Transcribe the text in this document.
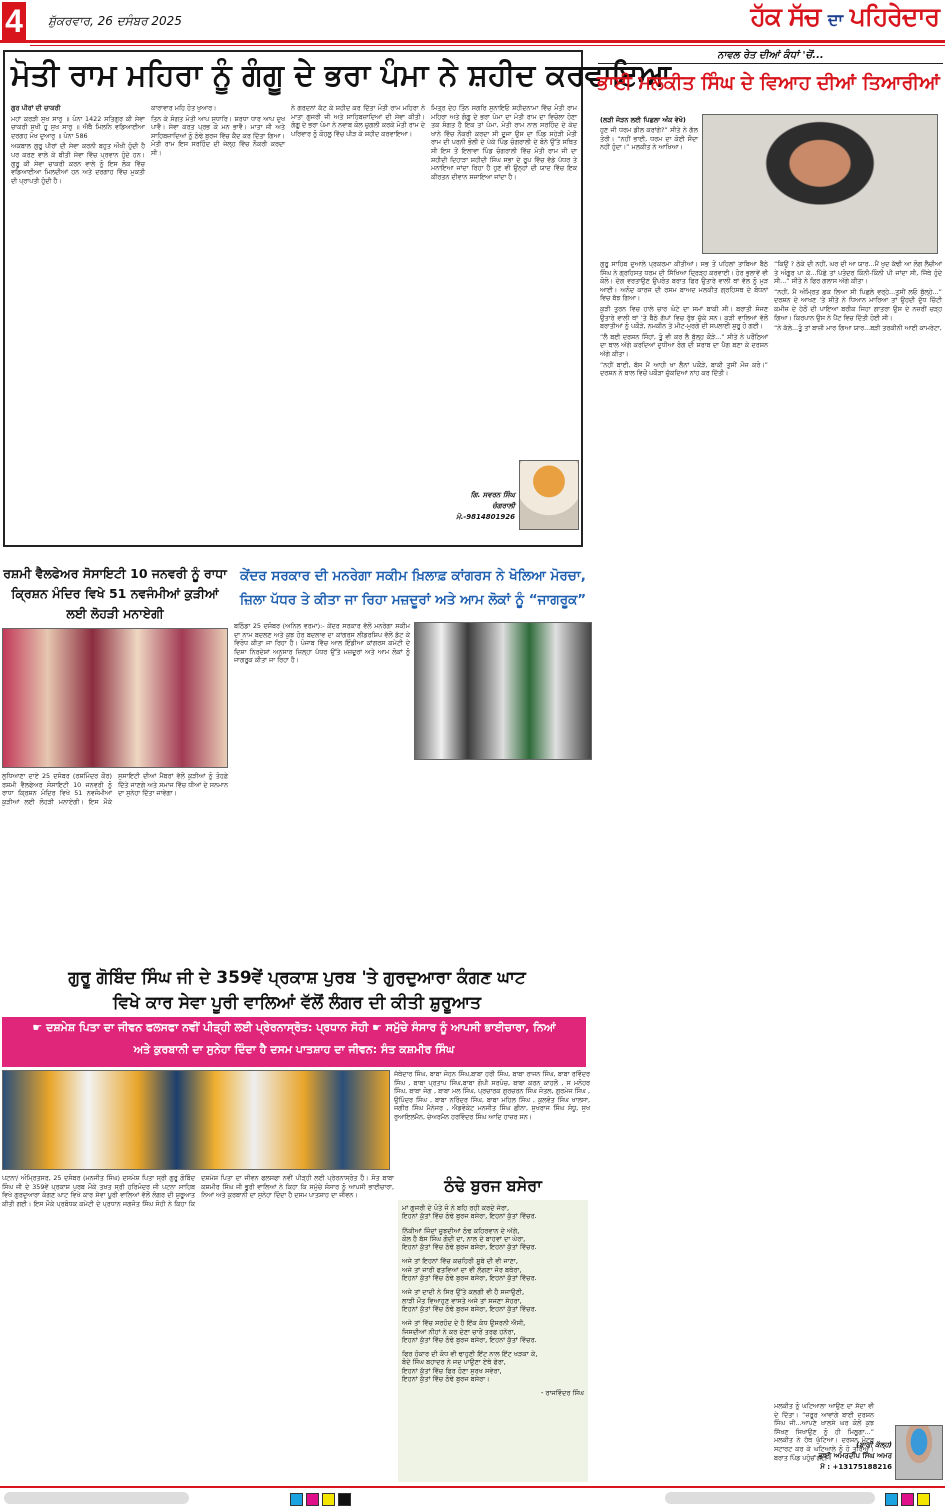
4 ਸ਼ੁੱਕਰਵਾਰ, 26 ਦਸੰਬਰ 2025	ਹੱਕ ਸੱਚ ਦਾ ਪਹਿਰੇਦਾਰ
ਮੋਤੀ ਰਾਮ ਮਹਿਰਾ ਨੂੰ ਗੰਗੂ ਦੇ ਭਰਾ ਪੰਮਾ ਨੇ ਸ਼ਹੀਦ ਕਰਵਾਇਆ

ਗੁਰ ਪੀਰਾਂ ਦੀ ਚਾਕਰੀ

ਮਹਾਂ ਕਰੜੀ ਸੁਖ ਸਾਰੁ ॥ ਪੰਨਾ 1422 ਸਤਿਗੁਰ ਕੀ ਸੇਵਾ ਚਾਕਰੀ ਸੁਖੀ ਹੂ ਸੁਖ ਸਾਰੁ ॥ ਐਥੈ ਮਿਲਨਿ ਵਡਿਆਈਆ ਦਰਗਹ ਮੋਖ ਦੁਆਰੁ ॥ ਪੰਨਾ 586

ਅਕਬਾਲ ਗੁਰੂ ਪੀਰਾਂ ਦੀ ਸੇਵਾ ਕਰਨੀ ਬਹੁਤ ਔਖੀ ਹੁੰਦੀ ਹੈ ਪਰ ਕਰਣ ਵਾਲੇ ਕੇ ਬੀਤੀ ਸੇਵਾ ਵਿੱਚ ਪ੍ਰਵਾਨ ਹੁੰਦੇ ਹਨ। ਗੁਰੂ ਕੀ ਸੇਵਾ ਚਾਕਰੀ ਕਰਨ ਵਾਲੇ ਨੂੰ ਇਸ ਲੋਕ ਵਿੱਚ ਵਡਿਆਈਆ ਮਿਲਦੀਆਂ ਹਨ ਅਤੇ ਦਰਗਾਹ ਵਿੱਚ ਮੁਕਤੀ ਦੀ ਪ੍ਰਾਪਤੀ ਹੁੰਦੀ ਹੈ।

ਕਾਰਾਵਾਰ ਮਹਿ ਹੋਤ ਖੁਆਰ।

ਤਿਨ ਕੇ ਸੰਗਤ ਮੋਤੀ ਆਪ ਸੁਧਾਰਿ। ਸ਼ਰਧਾ ਧਾਰ ਆਪ ਦੁਖ ਪਾਵੈ। ਸੇਵਾ ਕਰਤ ਪ੍ਰਭ ਕੋ ਮਨ ਭਾਵੈ। ਮਾਤਾ ਜੀ ਅਤੇ ਸਾਹਿਬਜ਼ਾਦਿਆਂ ਨੂੰ ਠੰਢੇ ਬੁਰਜ ਵਿੱਚ ਕੈਦ ਕਰ ਦਿੱਤਾ ਗਿਆ। ਮੋਤੀ ਰਾਮ ਇਸ ਸਰਹਿੰਦ ਦੀ ਜੇਲ੍ਹ ਵਿੱਚ ਨੌਕਰੀ ਕਰਦਾ ਸੀ।

ਨੇ ਗਰਦਨਾਂ ਕੱਟ ਕੇ ਸ਼ਹੀਦ ਕਰ ਦਿੱਤਾ ਮੋਤੀ ਰਾਮ ਮਹਿਰਾ ਨੇ ਮਾਤਾ ਗੁਜਰੀ ਜੀ ਅਤੇ ਸਾਹਿਬਜ਼ਾਦਿਆਂ ਦੀ ਸੇਵਾ ਕੀਤੀ। ਗੰਗੂ ਦੇ ਭਰਾ ਪੰਮਾ ਨੇ ਨਵਾਬ ਕੋਲ ਚੁਗਲੀ ਕਰਕੇ ਮੋਤੀ ਰਾਮ ਦੇ ਪਰਿਵਾਰ ਨੂੰ ਕੋਹਲੂ ਵਿੱਚ ਪੀੜ ਕੇ ਸ਼ਹੀਦ ਕਰਵਾਇਆ।

ਮਿਤ੍ਰ ਦੇਹ ਤਿੰਨ ਸਗਰਿ ਸੁਨਾਇਓ ਸ਼ਹੀਦਨਾਮਾ ਵਿੱਚ ਮੋਤੀ ਰਾਮ ਮਹਿਰਾ ਅਤੇ ਗੰਗੂ ਦੇ ਭਰਾ ਪੰਮਾ ਦਾ ਮੋਤੀ ਰਾਮ ਦਾ ਵਿਚੋਲਾ ਹੋਣਾ ਤਕ ਸੰਗਤ ਹੈ ਇਕ ਤਾਂ ਪੰਮਾ, ਮੋਤੀ ਰਾਮ ਨਾਲ ਸਰਹਿੰਦ ਦੇ ਕੇਦ ਖਾਨੇ ਵਿੱਚ ਨੌਕਰੀ ਕਰਦਾ ਸੀ ਦੂਜਾ ਉਸ ਦਾ ਪਿੰਡ ਸਹੇੜੀ ਮੋਤੀ ਰਾਮ ਦੀ ਪਰਨੀ ਭੋਲੀ ਦੇ ਪੇਕੇ ਪਿੰਡ ਚੰਗਰਾਲੀ ਦੇ ਬੰਨੇ ਉੱਤੇ ਸਥਿਤ ਸੀ ਇਸ ਤੋਂ ਇਲਾਵਾ ਪਿੰਡ ਚੰਗਰਾਲੀ ਵਿੱਚ ਮੋਤੀ ਰਾਮ ਜੀ ਦਾ ਸ਼ਹੀਦੀ ਦਿਹਾੜਾ ਸ਼ਹੀਦੀ ਸਿੰਘ ਸਭਾ ਦੇ ਰੂਪ ਵਿੱਚ ਵੱਡੇ ਪੱਧਰ ਤੇ ਮਨਾਇਆ ਜਾਂਦਾ ਰਿਹਾ ਹੈ ਹੁਣ ਵੀ ਉਨ੍ਹਾਂ ਦੀ ਯਾਦ ਵਿੱਚ ਇਕ ਕੀਰਤਨ ਦੀਵਾਨ ਸਜਾਇਆ ਜਾਂਦਾ ਹੈ।

ਗਿ. ਸਵਰਨ ਸਿੰਘ
ਚੰਗਰਾਲੀ
ਮੋ.-9814801926
ਨਾਵਲ ਰੇਤ ਦੀਆਂ ਕੰਧਾਂ 'ਚੋਂ...
ਭਾਈ ਮਲਕੀਤ ਸਿੰਘ ਦੇ ਵਿਆਹ ਦੀਆਂ ਤਿਆਰੀਆਂ
(ਲੜੀ ਜੋੜਨ ਲਈ ਪਿਛਲਾ ਅੰਕ ਵੇਖੋ)

ਹੁਣ ਜੀ ਧਰਮ ਡੀਲ ਕਰਾਂਗੇ?” ਸੀਤੇ ਨੇ ਗੱਲ ਤੋਰੀ। “ਨਹੀਂ ਭਾਈ, ਧਰਮ ਦਾ ਕੋਈ ਸੌਦਾ ਨਹੀਂ ਹੁੰਦਾ।” ਮਲਕੀਤ ਨੇ ਆਖਿਆ।

ਗੁਰੂ ਸਾਹਿਬ ਦੁਆਲੇ ਪ੍ਰਕਰਮਾ ਕੀਤੀਆਂ। ਸਭ ਤੋਂ ਪਹਿਲਾਂ ਤਾਬਿਆ ਬੈਠੇ ਸਿੰਘ ਨੇ ਗ੍ਰਹਿਸਤ ਧਰਮ ਦੀ ਸਿੱਖਿਆ ਦ੍ਰਿੜ੍ਹ ਕਰਵਾਈ। ਹੋਰ ਭੁਲਾਵੇਂ ਵੀ ਕੋਲੋ। ਦੇਗ ਵਰਤਾਉਣ ਉਪਰੰਤ ਬਰਾਤ ਫਿਰ ਉਤਾਰੇ ਵਾਲੀ ਥਾਂ ਵੱਲ ਨੂੰ ਮੁੜ ਆਈ। ਅਨੰਦ ਕਾਰਜ ਦੀ ਰਸਮ ਬਾਅਦ ਮਲਕੀਤ ਗ੍ਰਹਿਸਥ ਦੇ ਬੰਧਨਾਂ ਵਿਚ ਬੱਝ ਗਿਆ।

ਕੁੜੀ ਤੁਰਨ ਵਿਚ ਹਾਲੇ ਚਾਰ ਘੰਟੇ ਦਾ ਸਮਾਂ ਬਾਕੀ ਸੀ। ਬਰਾਤੀ ਸੰਜਣ ਉਤਾਰੇ ਵਾਲੀ ਥਾਂ 'ਤੇ ਬੈਠੇ ਗੱਪਾਂ ਵਿਚ ਰੁੱਝ ਚੁੱਕੇ ਸਨ। ਕੁੜੀ ਵਾਲਿਆਂ ਵੱਲੋਂ ਬਰਾਤੀਆਂ ਨੂੰ ਪਕੌੜੇ, ਨਮਕੀਨ ਤੇ ਮੀਟ-ਮੁਰਗੇ ਦੀ ਸਪਲਾਈ ਸ਼ੁਰੂ ਹੋ ਗਈ।

“ਲੈ ਬਈ ਦਰਸ਼ਨ ਸਿੰਹਾਂ, ਤੂੰ ਵੀ ਕਰ ਲੈ ਬੁੱਲ੍ਹ ਕੌੜੇ...” ਸੀਤੇ ਨੇ ਪਰੌਂਠਿਆਂ ਦਾ ਥਾਲ ਅੱਗੇ ਕਰਦਿਆਂ ਦੁਧੀਆ ਰੰਗ ਦੀ ਸ਼ਰਾਬ ਦਾ ਪੈਗ ਬਣਾ ਕੇ ਦਰਸ਼ਨ ਅੱਗੇ ਕੀਤਾ।

“ਨਹੀਂ ਬਾਈ, ਬੱਸ ਮੈਂ ਆਹੀ ਖਾ ਲੈਨਾਂ ਪਕੌੜੇ, ਬਾਕੀ ਤੁਸੀਂ ਮੌਜ ਕਰੋ।” ਦਰਸ਼ਨ ਨੇ ਥਾਲ ਵਿਚੋਂ ਪਕੌੜਾ ਚੁੱਕਦਿਆਂ ਨਾਂਹ ਕਰ ਦਿੱਤੀ।

“ਕਿਉਂ ? ਠੇਕੇ ਦੀ ਨਹੀਂ, ਘਰ ਦੀ ਆ ਯਾਰ...ਮੈਂ ਖੁਦ ਕੱਢੀ ਆ ਲੋਗ ਲੈਚੀਆਂ ਤੇ ਅੰਗੂਰ ਪਾ ਕੇ...ਪਿੱਛੇ ਤਾਂ ਪਤੰਦਰ ਕਿੰਨੀ-ਕਿੰਨੀ ਪੀ ਜਾਂਦਾ ਸੀ, ਜਿੱਥੇ ਹੁੰਦੇ ਸੀ...” ਸੀਤੇ ਨੇ ਫਿਰ ਗਲਾਸ ਅੱਗੇ ਕੀਤਾ।

“ਨਹੀਂ, ਮੈਂ ਅੰਮ੍ਰਿਤ ਛਕ ਲਿਆ ਸੀ ਪਿਛਲੇ ਵਰ੍ਹੇ...ਤੁਸੀਂ ਲਓ ਬੁੱਲ੍ਹੇ...” ਦਰਸ਼ਨ ਦੇ ਆਖਣ 'ਤੇ ਸੀਤੇ ਨੇ ਧਿਆਨ ਮਾਰਿਆ ਤਾਂ ਉਹਦੀ ਦੁੱਧ ਚਿੱਟੀ ਕਮੀਜ਼ ਦੇ ਹੇਠੋਂ ਦੀ ਪਾਇਆ ਬਰੀਕ ਜਿਹਾ ਗਾਤਰਾ ਉਸ ਦੇ ਨਜ਼ਰੀਂ ਚੜ੍ਹ ਗਿਆ। ਕਿਰਪਾਨ ਉਸ ਨੇ ਪੈਂਟ ਵਿਚ ਦਿੱਤੀ ਹੋਈ ਸੀ।

“ਨੇ ਕੱਲੇ...ਤੂੰ ਤਾਂ ਬਾਜ਼ੀ ਮਾਰ ਗਿਆ ਯਾਰ...ਬੜੀ ਤਰਕੀਨੀ ਆਈ ਕਾਮਰੇਟਾ,

ਮਲਕੀਤ ਨੂੰ ਘਟਿਆਲਾ ਆਉਣ ਦਾ ਸੱਦਾ ਵੀ ਦੇ ਦਿੱਤਾ। “ਜ਼ਰੂਰ ਆਵਾਂਗੇ ਬਾਈ ਦਰਸ਼ਨ ਸਿੰਘ ਜੀ...ਆਪਣੇ ਖ਼ਾਲਸੇ ਘਰ ਕੋਲੋਂ ਕੁਝ ਸਿੱਖਣ ਸਿਖਾਉਣ ਨੂੰ ਹੀ ਮਿਲੂਗਾ...” ਮਲਕੀਤ ਨੇ ਹੱਥ ਘੁੱਟਿਆ। ਦਰਸ਼ਨ ਮੋਟਰ ਸਟਾਰਟ ਕਰ ਕੇ ਘਟਿਆਲੇ ਨੂੰ ਹੋ ਤੁਰਿਆ। ਬਰਾਤ ਪਿੰਡ ਪਹੁੰਚ ਗਈ।

(ਬਾਕੀ ਕੱਲ੍ਹ)
- ਭਾਈ ਅਮਰਦੀਪ ਸਿੰਘ ਅਮਰ
ਮੋ : +13175188216
ਰਸ਼ਮੀ ਵੈਲਫੇਅਰ ਸੋਸਾਇਟੀ 10 ਜਨਵਰੀ ਨੂੰ ਰਾਧਾ ਕ੍ਰਿਸ਼ਨ ਮੰਦਿਰ ਵਿਖੇ 51 ਨਵਜੰਮੀਆਂ ਕੁੜੀਆਂ ਲਈ ਲੋਹੜੀ ਮਨਾਏਗੀ
ਲੁਧਿਆਣਾ ਦਾਏ 25 ਦਸੰਬਰ (ਰਸ਼ਮਿੰਦਰ ਕੌਰ) ਰਸ਼ਮੀ ਵੈਲਫੇਅਰ ਸੋਸਾਇਟੀ 10 ਜਨਵਰੀ ਨੂੰ ਰਾਧਾ ਕ੍ਰਿਸ਼ਨ ਮੰਦਿਰ ਵਿਖੇ 51 ਨਵਜੰਮੀਆਂ ਕੁੜੀਆਂ ਲਈ ਲੋਹੜੀ ਮਨਾਏਗੀ। ਇਸ ਮੌਕੇ ਸੁਸਾਇਟੀ ਦੀਆਂ ਮੈਂਬਰਾਂ ਵੱਲੋਂ ਕੁੜੀਆਂ ਨੂੰ ਤੋਹਫ਼ੇ ਦਿੱਤੇ ਜਾਣਗੇ ਅਤੇ ਸਮਾਜ ਵਿੱਚ ਧੀਆਂ ਦੇ ਸਨਮਾਨ ਦਾ ਸੁਨੇਹਾ ਦਿੱਤਾ ਜਾਵੇਗਾ।
ਕੇਂਦਰ ਸਰਕਾਰ ਦੀ ਮਨਰੇਗਾ ਸਕੀਮ ਖ਼ਿਲਾਫ਼ ਕਾਂਗਰਸ ਨੇ ਖੋਲਿਆ ਮੋਰਚਾ, ਜ਼ਿਲਾ ਪੱਧਰ ਤੇ ਕੀਤਾ ਜਾ ਰਿਹਾ ਮਜ਼ਦੂਰਾਂ ਅਤੇ ਆਮ ਲੋਕਾਂ ਨੂੰ “ਜਾਗਰੂਕ”
ਬਠਿੰਡਾ 25 ਦਸੰਬਰ (ਅਨਿਲ ਵਰਮਾ):- ਕੇਂਦਰ ਸਰਕਾਰ ਵੱਲੋਂ ਮਨਰੇਗਾ ਸਕੀਮ ਦਾ ਨਾਮ ਬਦਲਣ ਅਤੇ ਕੁਝ ਹੋਰ ਬਦਲਾਵ ਦਾ ਕਾਂਗਰਸ ਲੀਡਰਸ਼ਿਪ ਵੱਲੋਂ ਡੱਟ ਕੇ ਵਿਰੋਧ ਕੀਤਾ ਜਾ ਰਿਹਾ ਹੈ। ਪੰਜਾਬ ਵਿੱਚ ਆਲ ਇੰਡੀਆ ਕਾਂਗਰਸ ਕਮੇਟੀ ਦੇ ਦਿਸ਼ਾ ਨਿਰਦੇਸ਼ਾਂ ਅਨੁਸਾਰ ਜ਼ਿਲ੍ਹਾ ਪੱਧਰ ਉੱਤੇ ਮਜ਼ਦੂਰਾਂ ਅਤੇ ਆਮ ਲੋਕਾਂ ਨੂੰ ਜਾਗਰੂਕ ਕੀਤਾ ਜਾ ਰਿਹਾ ਹੈ।
ਗੁਰੂ ਗੋਬਿੰਦ ਸਿੰਘ ਜੀ ਦੇ 359ਵੇਂ ਪ੍ਰਕਾਸ਼ ਪੁਰਬ 'ਤੇ ਗੁਰਦੁਆਰਾ ਕੰਗਣ ਘਾਟ
ਵਿਖੇ ਕਾਰ ਸੇਵਾ ਪੂਰੀ ਵਾਲਿਆਂ ਵੱਲੋਂ ਲੰਗਰ ਦੀ ਕੀਤੀ ਸ਼ੁਰੂਆਤ
☛ ਦਸ਼ਮੇਸ਼ ਪਿਤਾ ਦਾ ਜੀਵਨ ਫਲਸਫਾ ਨਵੀਂ ਪੀੜ੍ਹੀ ਲਈ ਪ੍ਰੇਰਨਾਸ੍ਰੋਤ: ਪ੍ਰਧਾਨ ਸੋਹੀ ☛ ਸਮੁੱਚੇ ਸੰਸਾਰ ਨੂੰ ਆਪਸੀ ਭਾਈਚਾਰਾ, ਨਿਆਂ
ਅਤੇ ਕੁਰਬਾਨੀ ਦਾ ਸੁਨੇਹਾ ਦਿੰਦਾ ਹੈ ਦਸਮ ਪਾਤਸ਼ਾਹ ਦਾ ਜੀਵਨ: ਸੰਤ ਕਸ਼ਮੀਰ ਸਿੰਘ
ਜੱਥੇਦਾਰ ਸਿੰਘ, ਬਾਬਾ ਜੋਹਨ ਸਿੰਘ,ਬਾਬਾ ਹਰੀ ਸਿੰਘ, ਬਾਬਾ ਰਾਜਨ ਸਿੰਘ, ਬਾਬਾ ਰਵਿੰਦਰ ਸਿੰਘ , ਬਾਬਾ ਪ੍ਰਤਾਪ ਸਿੰਘ,ਬਾਬਾ ਗੋਪੀ ਸਰਪੰਚ, ਬਾਬਾ ਕਰਨ ਕਾਹਲੋਂ , ਸ ਮਨੋਹਰ ਸਿੰਘ, ਬਾਬਾ ਜੋਗ , ਬਾਬਾ ਮਲ ਸਿੰਘ, ਪ੍ਰਚਾਰਕ ਗੁਰਚਰਨ ਸਿੰਘ ਜੋਤਲ, ਗੁਰਮੇਜ ਸਿੰਘ , ਉਪਿੰਦਰ ਸਿੰਘ , ਬਾਬਾ ਨਰਿੰਦਰ ਸਿੰਘ, ਬਾਬਾ ਮਹਿਲ ਸਿੰਘ , ਕੁਲਵੰਤ ਸਿੰਘ ਖਾਲਸਾ, ਜਗੀਰ ਸਿੰਘ ਮੈਨੇਜਰ , ਐਡਵੋਕੇਟ ਮਨਜੀਤ ਸਿੰਘ ਛੀਨਾ, ਸੁਖਰਾਜ ਸਿੰਘ ਸੰਧੂ, ਸੁਖ ਰੁਆਇਲਮੈਨ, ਚੇਅਰਮੈਨ ਹਰਵਿੰਦਰ ਸਿੰਘ ਆਦਿ ਹਾਜ਼ਰ ਸਨ।
ਪਟਨਾ/ ਅੰਮ੍ਰਿਤਸਰ, 25 ਦਸੰਬਰ (ਮਨਜੀਤ ਸਿੰਘ) ਦਸਮੇਸ਼ ਪਿਤਾ ਸ੍ਰੀ ਗੁਰੂ ਗੋਬਿੰਦ ਸਿੰਘ ਜੀ ਦੇ 359ਵੇਂ ਪ੍ਰਕਾਸ਼ ਪੁਰਬ ਮੌਕੇ ਤਖ਼ਤ ਸ੍ਰੀ ਹਰਿਮੰਦਰ ਜੀ ਪਟਨਾ ਸਾਹਿਬ ਵਿਖੇ ਗੁਰਦੁਆਰਾ ਕੰਗਣ ਘਾਟ ਵਿਖੇ ਕਾਰ ਸੇਵਾ ਪੂਰੀ ਵਾਲਿਆਂ ਵੱਲੋਂ ਲੰਗਰ ਦੀ ਸ਼ੁਰੂਆਤ ਕੀਤੀ ਗਈ। ਇਸ ਮੌਕੇ ਪ੍ਰਬੰਧਕ ਕਮੇਟੀ ਦੇ ਪ੍ਰਧਾਨ ਜਗਜੋਤ ਸਿੰਘ ਸੋਹੀ ਨੇ ਕਿਹਾ ਕਿ ਦਸ਼ਮੇਸ਼ ਪਿਤਾ ਦਾ ਜੀਵਨ ਫਲਸਫਾ ਨਵੀਂ ਪੀੜ੍ਹੀ ਲਈ ਪ੍ਰੇਰਨਾਸ੍ਰੋਤ ਹੈ। ਸੰਤ ਬਾਬਾ ਕਸ਼ਮੀਰ ਸਿੰਘ ਜੀ ਭੂਰੀ ਵਾਲਿਆਂ ਨੇ ਕਿਹਾ ਕਿ ਸਮੁੱਚੇ ਸੰਸਾਰ ਨੂੰ ਆਪਸੀ ਭਾਈਚਾਰਾ, ਨਿਆਂ ਅਤੇ ਕੁਰਬਾਨੀ ਦਾ ਸੁਨੇਹਾ ਦਿੰਦਾ ਹੈ ਦਸਮ ਪਾਤਸ਼ਾਹ ਦਾ ਜੀਵਨ।
ਠੰਢੇ ਬੁਰਜ ਬਸੇਰਾ
ਮਾਂ ਗੁਜਰੀ ਦੇ ਪੋਤੇ ਜੋ ਨੇ ਬਹਿ ਰਹੀ ਕਰਦੇ ਜੇਰਾ,
ਇਹਨਾਂ ਕੁੱਤਾਂ ਵਿੱਚ ਠੰਢੇ ਬੁਰਜ ਬਸੇਰਾ, ਇਹਨਾਂ ਕੁੱਤਾਂ ਵਿੱਚਰ.
ਨਿੱਕੀਆਂ ਜਿੰਦਾਂ ਜੂਝਦੀਆਂ ਠੰਢ ਕਹਿਰਵਾਨ ਦੇ ਅੱਗੇ,
ਕੋਲ ਹੈ ਬੱਸ ਸਿੰਘ ਗੋਦੀ ਦਾ, ਨਾਲ ਦੇ ਬਾਹਵਾਂ ਦਾ ਘੇਰਾ,
ਇਹਨਾਂ ਕੁੱਤਾਂ ਵਿੱਚ ਠੰਢੇ ਬੁਰਜ ਬਸੇਰਾ, ਇਹਨਾਂ ਕੁੱਤਾਂ ਵਿੱਚਰ.
ਅਜੇ ਤਾਂ ਇਹਨਾਂ ਵਿੱਚ ਕਚਹਿਰੀ ਸੂਬੇ ਦੀ ਵੀ ਜਾਣਾ,
ਅਜੇ ਤਾਂ ਜਾਰੀ ਫਤਵਿਆਂ ਦਾ ਵੀ ਲੱਗਣਾ ਜੋਰ ਬਥੇਰਾ,
ਇਹਨਾਂ ਕੁੱਤਾਂ ਵਿੱਚ ਠੰਢੇ ਬੁਰਜ ਬਸੇਰਾ, ਇਹਨਾਂ ਕੁੱਤਾਂ ਵਿੱਚਰ.
ਅਜੇ ਤਾਂ ਦਾਦੀ ਨੇ ਸਿਰ ਉੱਤੇ ਕਲਗੀ ਵੀ ਹੈ ਸਜਾਉਣੀ,
ਲਾੜੀ ਮੌਤ ਵਿਆਹੁਣ ਵਾਸਤੇ ਅਜੇ ਤਾਂ ਸਜਣਾ ਸੇਹਰਾ,
ਇਹਨਾਂ ਕੁੱਤਾਂ ਵਿੱਚ ਠੰਢੇ ਬੁਰਜ ਬਸੇਰਾ, ਇਹਨਾਂ ਕੁੱਤਾਂ ਵਿੱਚਰ.
ਅਜੇ ਤਾਂ ਵਿੱਚ ਸਰਹੰਦ ਦੇ ਹੈ ਇੱਕ ਕੰਧ ਉਸਰਨੀ ਐਸੀ,
ਜਿਸਦੀਆਂ ਨੀਹਾਂ ਨੇ ਕਰ ਦੇਣਾ ਚਾਰੋਂ ਤਰਫ ਹਨੇਰਾ,
ਇਹਨਾਂ ਕੁੱਤਾਂ ਵਿੱਚ ਠੰਢੇ ਬੁਰਜ ਬਸੇਰਾ, ਇਹਨਾਂ ਕੁੱਤਾਂ ਵਿੱਚਰ.
ਫਿਰ ਹੰਕਾਰ ਦੀ ਕੰਧ ਵੀ ਢਾਹੁਣੀ ਇੱਟ ਨਾਲ ਇੱਟ ਖੜਕਾ ਕੇ,
ਬੰਦੇ ਸਿੰਘ ਬਹਾਦਰ ਨੇ ਜਦ ਪਾਉਣਾ ਏਥੇ ਫੇਰਾ,
ਇਹਨਾਂ ਕੁੱਤਾਂ ਵਿੱਚ ਫਿਰ ਹੋਣਾ ਸੁਰਖ ਸਵੇਰਾ,
ਇਹਨਾਂ ਕੁੱਤਾਂ ਵਿੱਚ ਠੰਢੇ ਬੁਰਜ ਬਸੇਰਾ।
- ਰਾਜਵਿੰਦਰ ਸਿੰਘ
